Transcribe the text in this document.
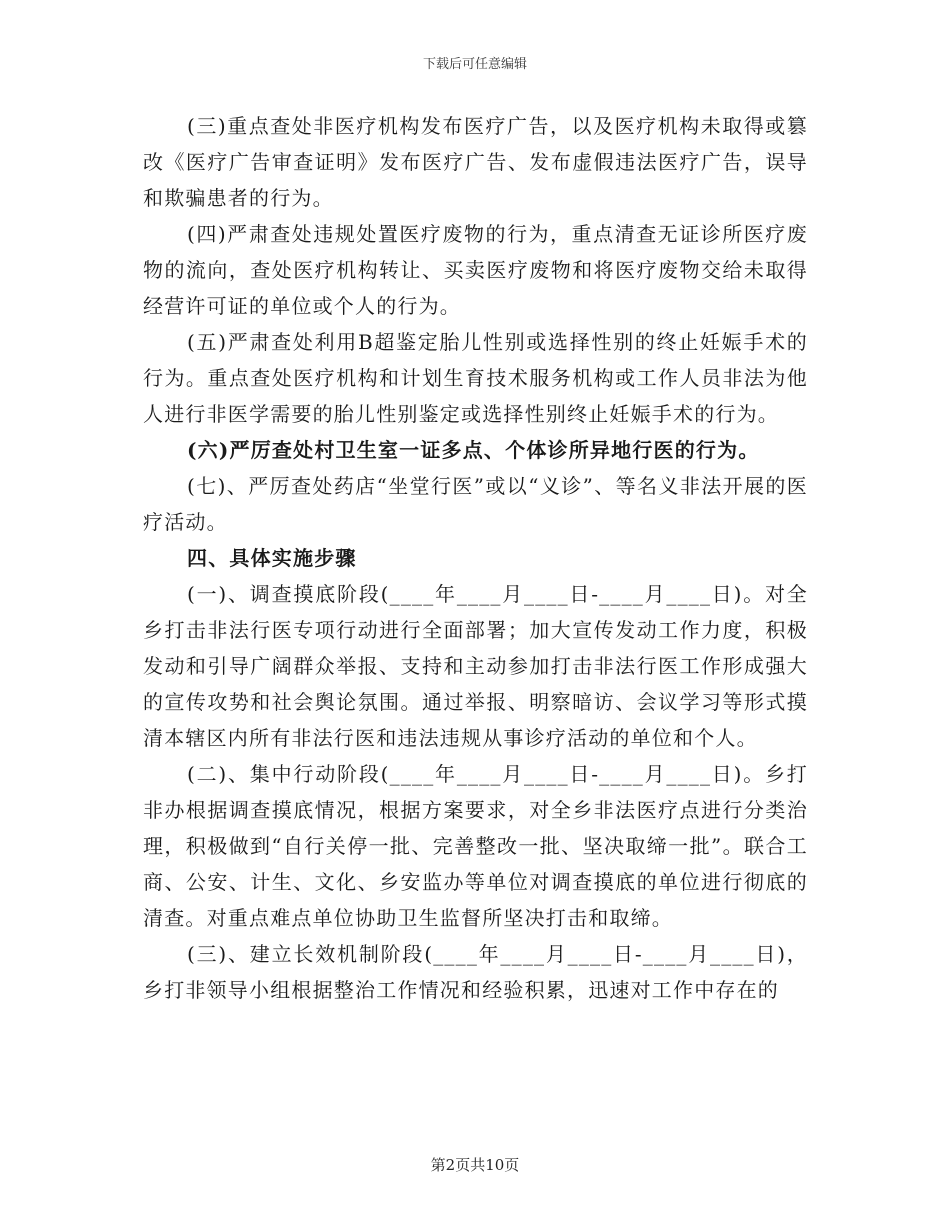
下载后可任意编辑

(三)重点查处非医疗机构发布医疗广告，以及医疗机构未取得或篡改《医疗广告审查证明》发布医疗广告、发布虚假违法医疗广告，误导和欺骗患者的行为。

(四)严肃查处违规处置医疗废物的行为，重点清查无证诊所医疗废物的流向，查处医疗机构转让、买卖医疗废物和将医疗废物交给未取得经营许可证的单位或个人的行为。

(五)严肃查处利用B超鉴定胎儿性别或选择性别的终止妊娠手术的行为。重点查处医疗机构和计划生育技术服务机构或工作人员非法为他人进行非医学需要的胎儿性别鉴定或选择性别终止妊娠手术的行为。

(六)严厉查处村卫生室一证多点、个体诊所异地行医的行为。

(七)、严厉查处药店“坐堂行医”或以“义诊”、等名义非法开展的医疗活动。

四、具体实施步骤

(一)、调查摸底阶段(____年____月____日-____月____日)。对全乡打击非法行医专项行动进行全面部署；加大宣传发动工作力度，积极发动和引导广阔群众举报、支持和主动参加打击非法行医工作形成强大的宣传攻势和社会舆论氛围。通过举报、明察暗访、会议学习等形式摸清本辖区内所有非法行医和违法违规从事诊疗活动的单位和个人。

(二)、集中行动阶段(____年____月____日-____月____日)。乡打非办根据调查摸底情况，根据方案要求，对全乡非法医疗点进行分类治理，积极做到“自行关停一批、完善整改一批、坚决取缔一批”。联合工商、公安、计生、文化、乡安监办等单位对调查摸底的单位进行彻底的清查。对重点难点单位协助卫生监督所坚决打击和取缔。

(三)、建立长效机制阶段(____年____月____日-____月____日)，乡打非领导小组根据整治工作情况和经验积累，迅速对工作中存在的

第2页共10页
